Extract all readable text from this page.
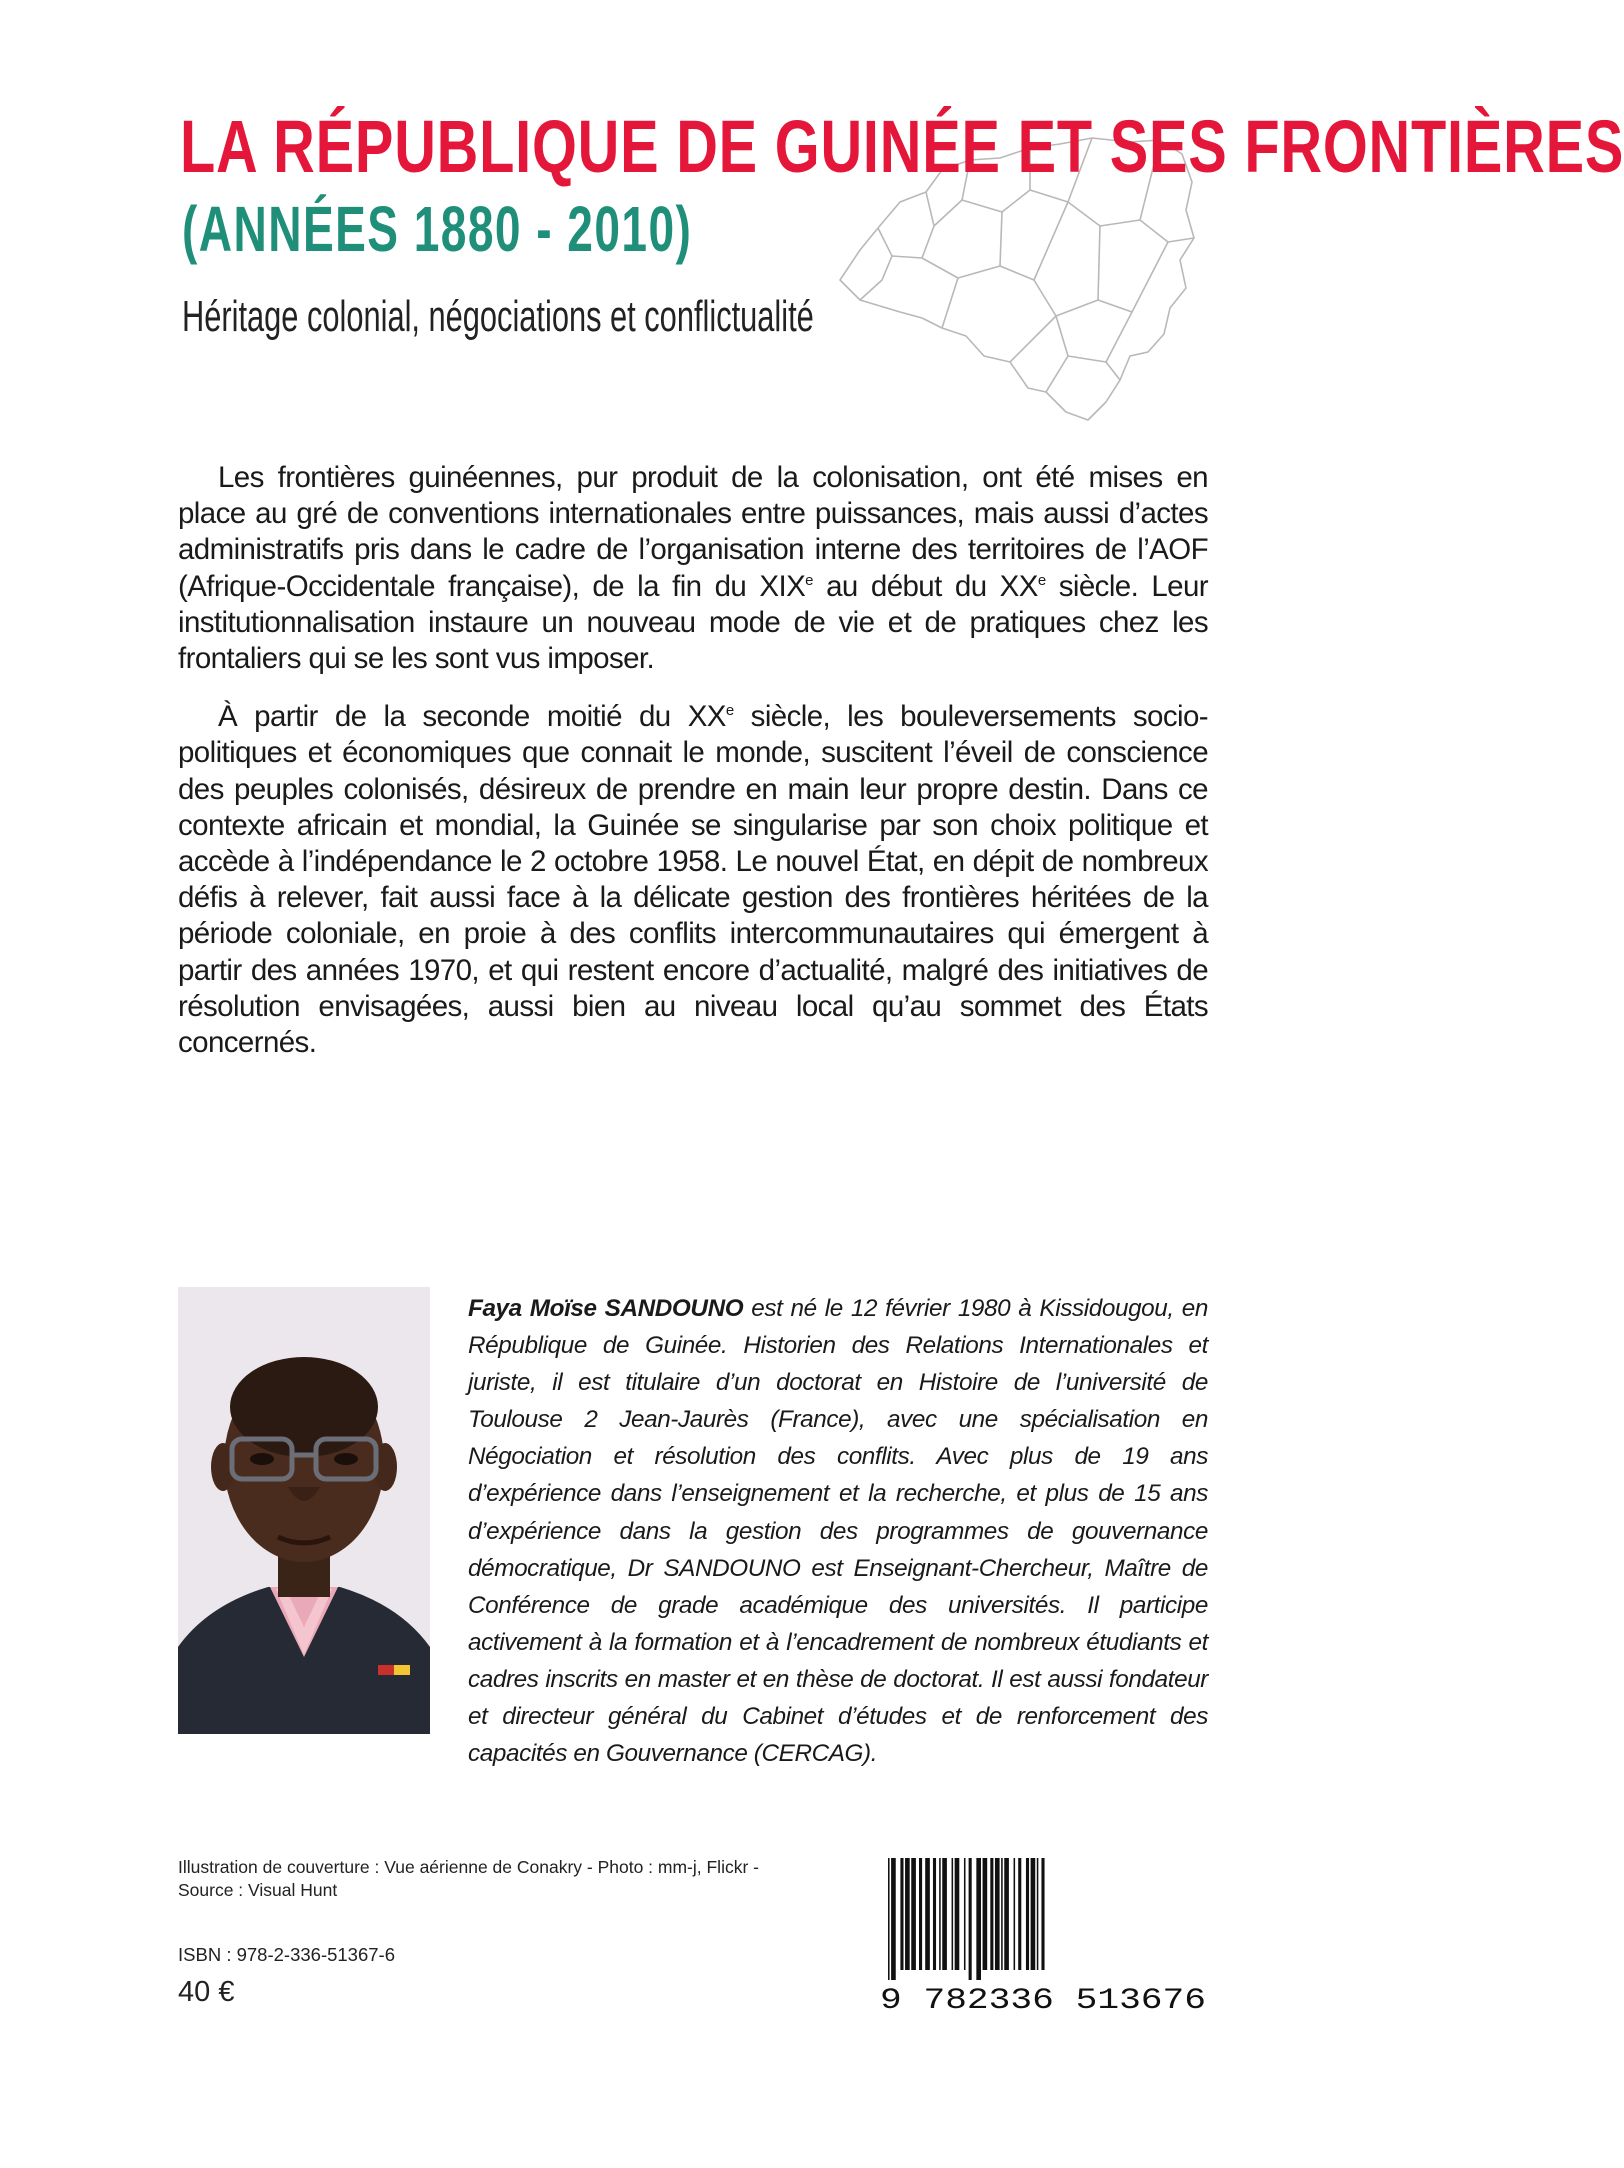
LA RÉPUBLIQUE DE GUINÉE ET SES FRONTIÈRES
(ANNÉES 1880 - 2010)
Héritage colonial, négociations et conflictualité

Les frontières guinéennes, pur produit de la colonisation, ont été mises en place au gré de conventions internationales entre puissances, mais aussi d’actes administratifs pris dans le cadre de l’organisation interne des territoires de l’AOF (Afrique-Occidentale française), de la fin du XIXe au début du XXe siècle. Leur institutionnalisation instaure un nouveau mode de vie et de pratiques chez les frontaliers qui se les sont vus imposer.

À partir de la seconde moitié du XXe siècle, les bouleversements socio-politiques et économiques que connait le monde, suscitent l’éveil de conscience des peuples colonisés, désireux de prendre en main leur propre destin. Dans ce contexte africain et mondial, la Guinée se singularise par son choix politique et accède à l’indépendance le 2 octobre 1958. Le nouvel État, en dépit de nombreux défis à relever, fait aussi face à la délicate gestion des frontières héritées de la période coloniale, en proie à des conflits intercommunautaires qui émergent à partir des années 1970, et qui restent encore d’actualité, malgré des initiatives de résolution envisagées, aussi bien au niveau local qu’au sommet des États concernés.

Faya Moïse SANDOUNO est né le 12 février 1980 à Kissidougou, en République de Guinée. Historien des Relations Internationales et juriste, il est titulaire d’un doctorat en Histoire de l’université de Toulouse 2 Jean-Jaurès (France), avec une spécialisation en Négociation et résolution des conflits. Avec plus de 19 ans d’expérience dans l’enseignement et la recherche, et plus de 15 ans d’expérience dans la gestion des programmes de gouvernance démocratique, Dr SANDOUNO est Enseignant-Chercheur, Maître de Conférence de grade académique des universités. Il participe activement à la formation et à l’encadrement de nombreux étudiants et cadres inscrits en master et en thèse de doctorat. Il est aussi fondateur et directeur général du Cabinet d’études et de renforcement des capacités en Gouvernance (CERCAG).
Illustration de couverture : Vue aérienne de Conakry - Photo : mm-j, Flickr - Source : Visual Hunt
ISBN : 978-2-336-51367-6
40 €	9 782336 513676
